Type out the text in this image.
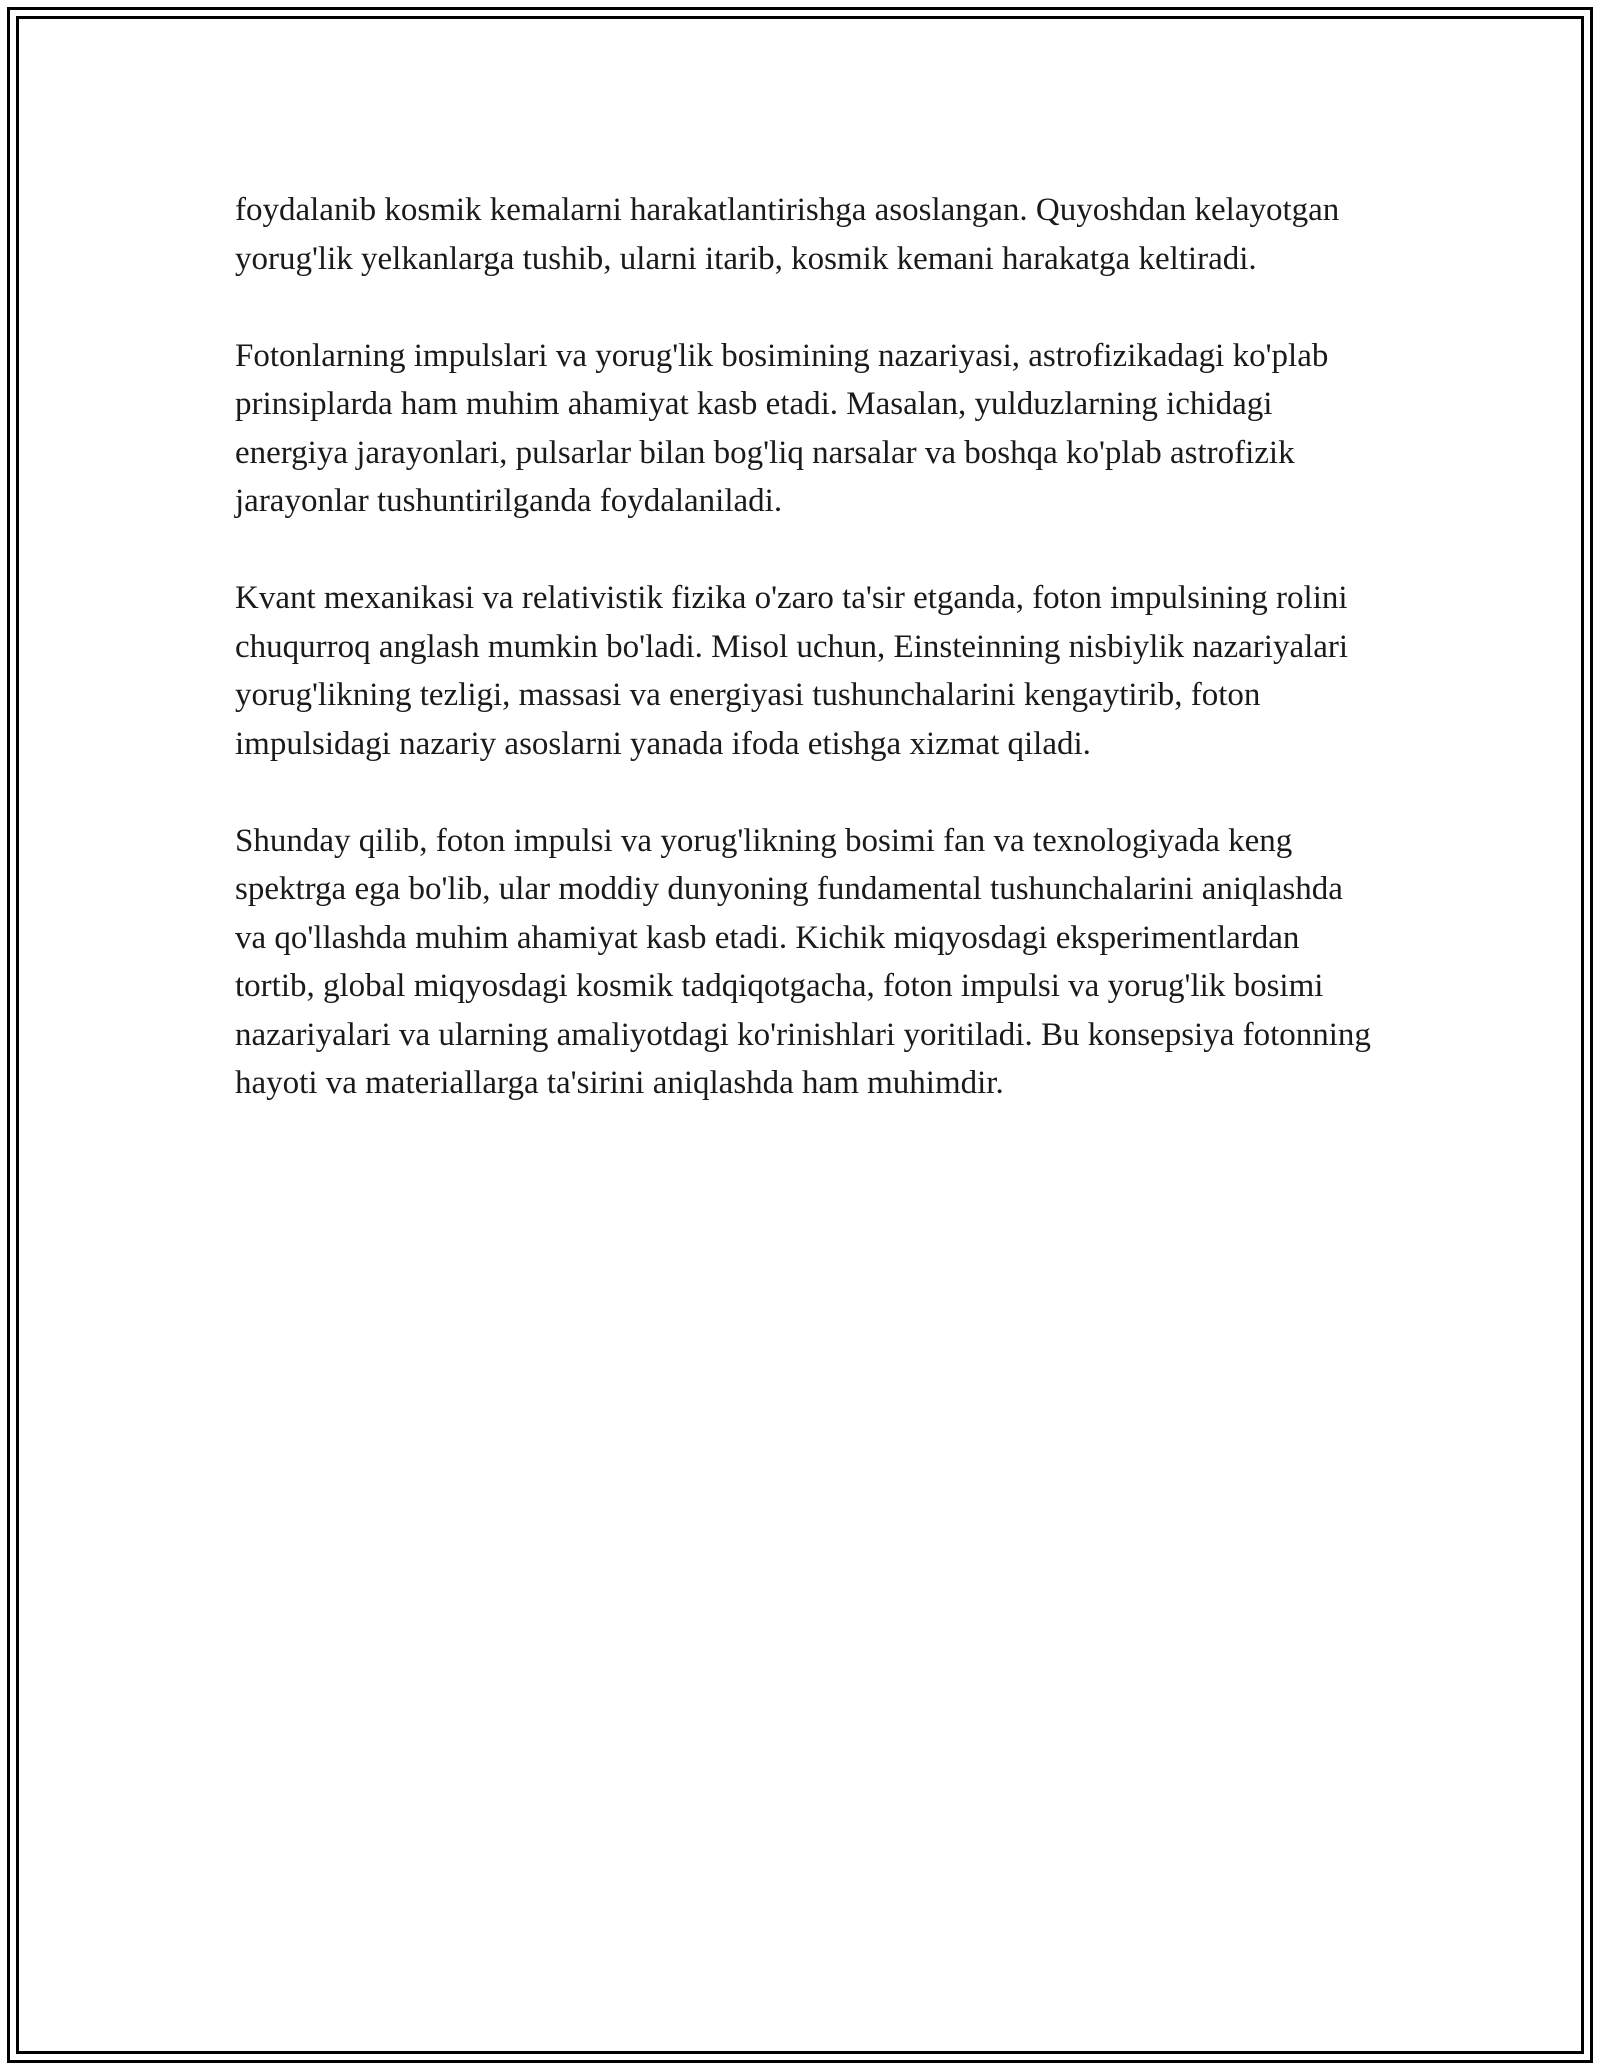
foydalanib kosmik kemalarni harakatlantirishga asoslangan. Quyoshdan kelayotgan yorug'lik yelkanlarga tushib, ularni itarib, kosmik kemani harakatga keltiradi.

Fotonlarning impulslari va yorug'lik bosimining nazariyasi, astrofizikadagi ko'plab prinsiplarda ham muhim ahamiyat kasb etadi. Masalan, yulduzlarning ichidagi energiya jarayonlari, pulsarlar bilan bog'liq narsalar va boshqa ko'plab astrofizik jarayonlar tushuntirilganda foydalaniladi.

Kvant mexanikasi va relativistik fizika o'zaro ta'sir etganda, foton impulsining rolini chuqurroq anglash mumkin bo'ladi. Misol uchun, Einsteinning nisbiylik nazariyalari yorug'likning tezligi, massasi va energiyasi tushunchalarini kengaytirib, foton impulsidagi nazariy asoslarni yanada ifoda etishga xizmat qiladi.

Shunday qilib, foton impulsi va yorug'likning bosimi fan va texnologiyada keng spektrga ega bo'lib, ular moddiy dunyoning fundamental tushunchalarini aniqlashda va qo'llashda muhim ahamiyat kasb etadi. Kichik miqyosdagi eksperimentlardan tortib, global miqyosdagi kosmik tadqiqotgacha, foton impulsi va yorug'lik bosimi nazariyalari va ularning amaliyotdagi ko'rinishlari yoritiladi. Bu konsepsiya fotonning hayoti va materiallarga ta'sirini aniqlashda ham muhimdir.
